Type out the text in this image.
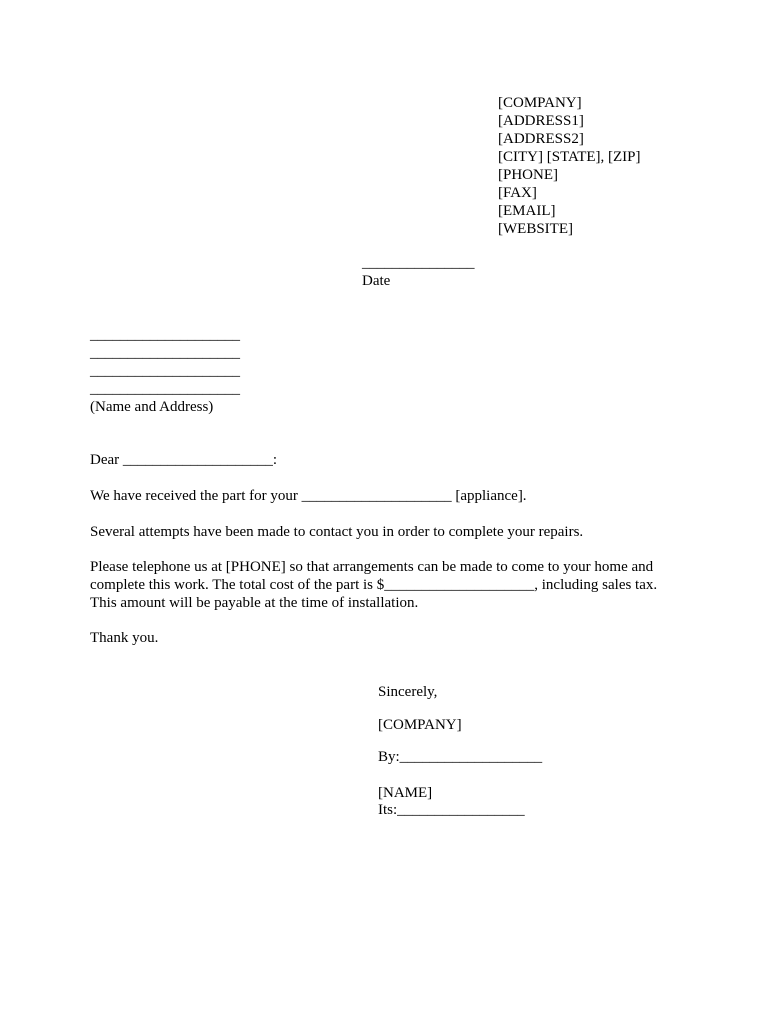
[COMPANY]
[ADDRESS1]
[ADDRESS2]
[CITY] [STATE], [ZIP]
[PHONE]
[FAX]
[EMAIL]
[WEBSITE]
_______________
Date
____________________
____________________
____________________
____________________
(Name and Address)
Dear ____________________:
We have received the part for your ____________________ [appliance].
Several attempts have been made to contact you in order to complete your repairs.
Please telephone us at [PHONE] so that arrangements can be made to come to your home and
complete this work. The total cost of the part is $____________________, including sales tax.
This amount will be payable at the time of installation.
Thank you.
Sincerely,
[COMPANY]
By:___________________
[NAME]
Its:_________________
